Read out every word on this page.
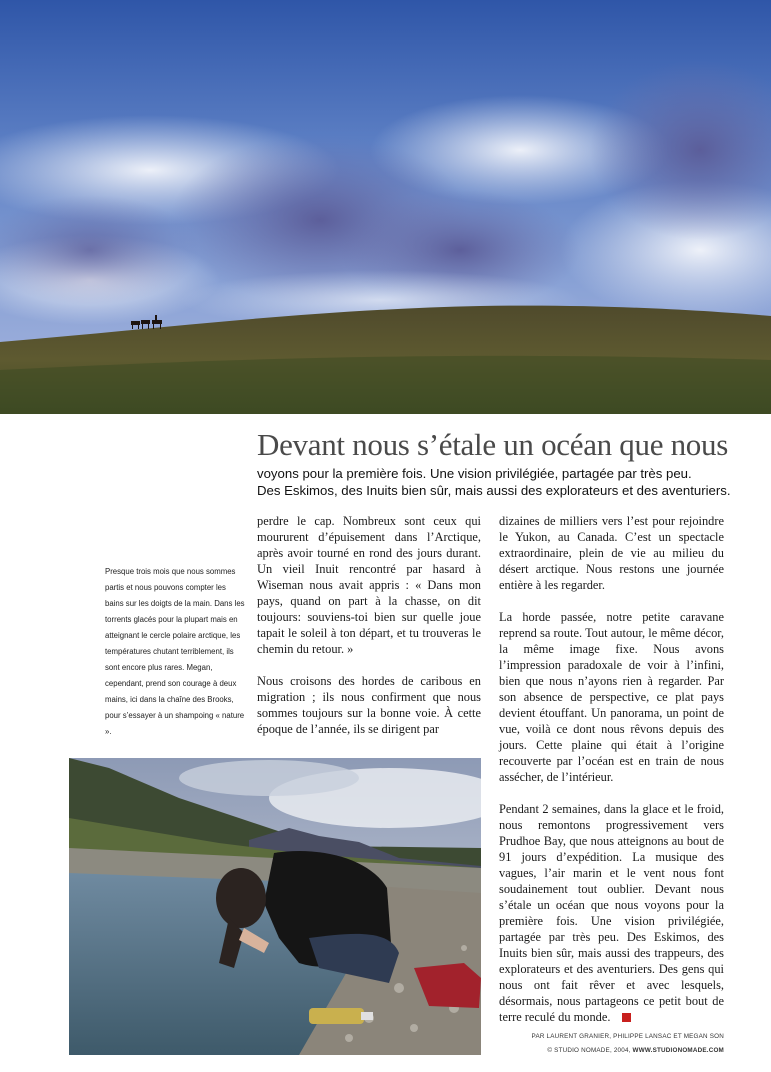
Devant nous s’étale un océan que nous
voyons pour la première fois. Une vision privilégiée, partagée par très peu.
Des Eskimos, des Inuits bien sûr, mais aussi des explorateurs et des aventuriers.
Presque trois mois que nous sommes partis et nous pouvons compter les bains sur les doigts de la main. Dans les torrents glacés pour la plupart mais en atteignant le cercle polaire arctique, les températures chutant terriblement, ils sont encore plus rares. Megan, cependant, prend son courage à deux mains, ici dans la chaîne des Brooks, pour s’essayer à un shampoing « nature ».

perdre le cap. Nombreux sont ceux qui moururent d’épuisement dans l’Arctique, après avoir tourné en rond des jours durant. Un vieil Inuit rencontré par hasard à Wiseman nous avait appris : « Dans mon pays, quand on part à la chasse, on dit toujours: souviens-toi bien sur quelle joue tapait le soleil à ton départ, et tu trouveras le chemin du retour. »

Nous croisons des hordes de caribous en migration ; ils nous confirment que nous sommes toujours sur la bonne voie. À cette époque de l’année, ils se dirigent par

dizaines de milliers vers l’est pour rejoindre le Yukon, au Canada. C’est un spectacle extraordinaire, plein de vie au milieu du désert arctique. Nous restons une journée entière à les regarder.

La horde passée, notre petite caravane reprend sa route. Tout autour, le même décor, la même image fixe. Nous avons l’impression paradoxale de voir à l’infini, bien que nous n’ayons rien à regarder. Par son absence de perspective, ce plat pays devient étouffant. Un panorama, un point de vue, voilà ce dont nous rêvons depuis des jours. Cette plaine qui était à l’origine recouverte par l’océan est en train de nous assécher, de l’intérieur.

Pendant 2 semaines, dans la glace et le froid, nous remontons progressivement vers Prudhoe Bay, que nous atteignons au bout de 91 jours d’expédition. La musique des vagues, l’air marin et le vent nous font soudainement tout oublier. Devant nous s’étale un océan que nous voyons pour la première fois. Une vision privilégiée, partagée par très peu. Des Eskimos, des Inuits bien sûr, mais aussi des trappeurs, des explorateurs et des aventuriers. Des gens qui nous ont fait rêver et avec lesquels, désormais, nous partageons ce petit bout de terre reculé du monde.

PAR LAURENT GRANIER, PHILIPPE LANSAC ET MEGAN SON
© STUDIO NOMADE, 2004, WWW.STUDIONOMADE.COM
